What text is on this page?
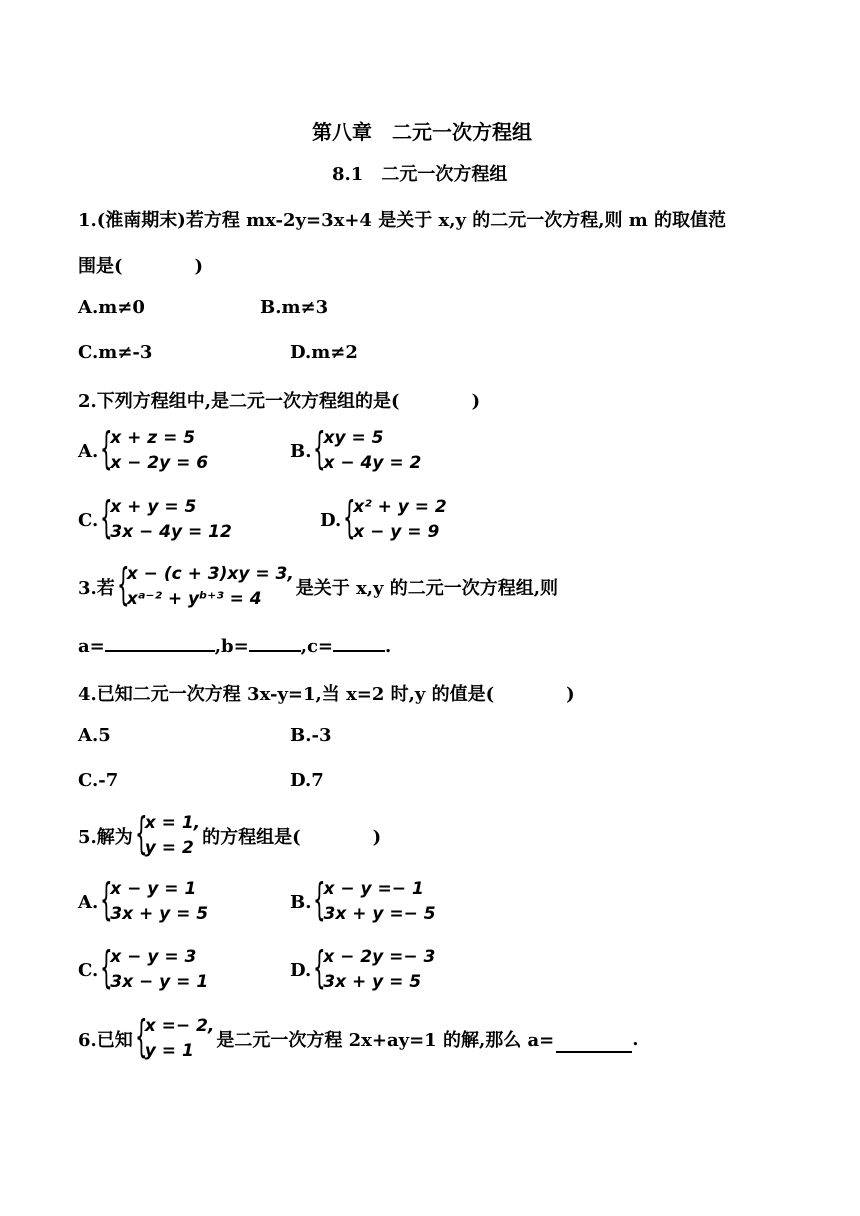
第八章　二元一次方程组
8.1　二元一次方程组
1.(淮南期末)若方程 mx-2y=3x+4 是关于 x,y 的二元一次方程,则 m 的取值范
围是(　　　　)
A.m≠0	B.m≠3
C.m≠-3	D.m≠2
2.下列方程组中,是二元一次方程组的是(　　　　)
A. {
x + z = 5
x − 2y = 6
B. {
xy = 5
x − 4y = 2
C. {
x + y = 5
3x − 4y = 12
D. {
x² + y = 2
x − y = 9
3.若 {
x − (c + 3)xy = 3,
xᵃ⁻² + yᵇ⁺³ = 4	是关于 x,y 的二元一次方程组,则
a=	,b=	,c=	.
4.已知二元一次方程 3x-y=1,当 x=2 时,y 的值是(　　　　)
A.5	B.-3
C.-7	D.7
5.解为 {
x = 1,
y = 2 的方程组是(　　　　)
A. {
x − y = 1
3x + y = 5
B. {
x − y =− 1
3x + y =− 5
C. {
x − y = 3
3x − y = 1
D. {
x − 2y =− 3
3x + y = 5
6.已知 {
x =− 2,
y = 1	是二元一次方程 2x+ay=1 的解,那么 a=	.
